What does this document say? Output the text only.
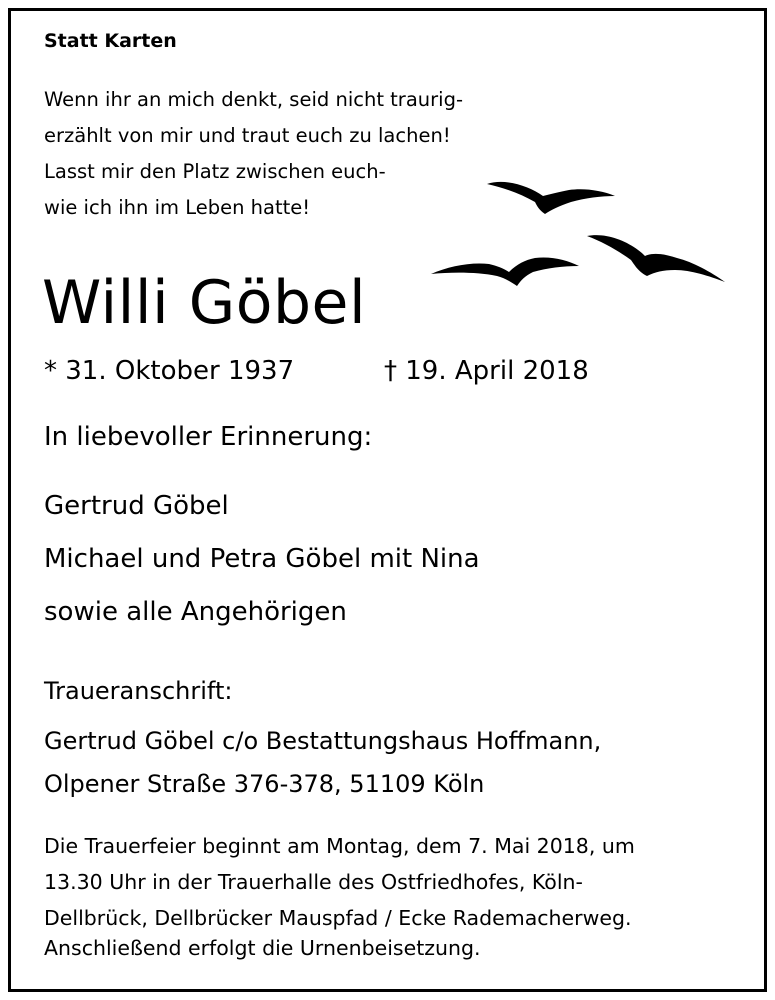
Statt Karten
Wenn ihr an mich denkt, seid nicht traurig-
erzählt von mir und traut euch zu lachen!
Lasst mir den Platz zwischen euch-
wie ich ihn im Leben hatte!
Willi Göbel
* 31. Oktober 1937	† 19. April 2018
In liebevoller Erinnerung:
Gertrud Göbel
Michael und Petra Göbel mit Nina
sowie alle Angehörigen
Traueranschrift:
Gertrud Göbel c/o Bestattungshaus Hoffmann,
Olpener Straße 376-378, 51109 Köln
Die Trauerfeier beginnt am Montag, dem 7. Mai 2018, um
13.30 Uhr in der Trauerhalle des Ostfriedhofes, Köln-
Dellbrück, Dellbrücker Mauspfad / Ecke Rademacherweg.
Anschließend erfolgt die Urnenbeisetzung.
